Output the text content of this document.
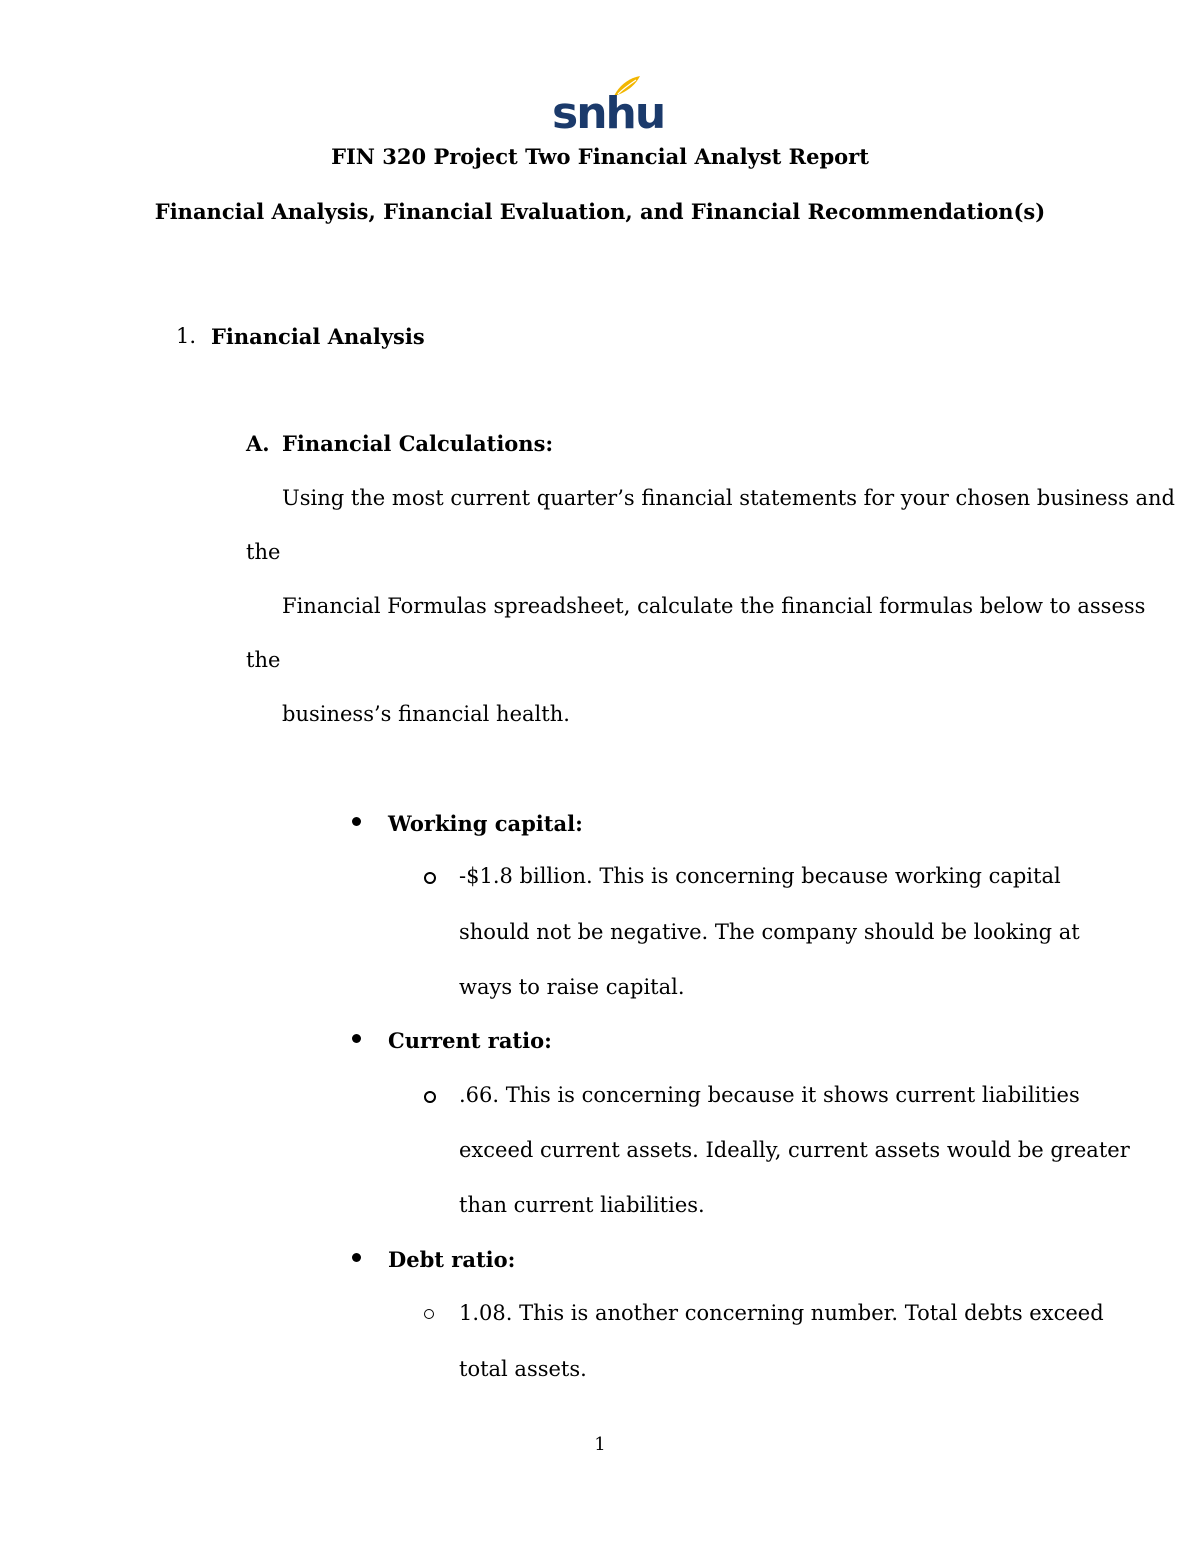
snhu
FIN 320 Project Two Financial Analyst Report
Financial Analysis, Financial Evaluation, and Financial Recommendation(s)
1. Financial Analysis
A. Financial Calculations:
Using the most current quarter’s financial statements for your chosen business and
the
Financial Formulas spreadsheet, calculate the financial formulas below to assess
the
business’s financial health.
Working capital:
-$1.8 billion. This is concerning because working capital
should not be negative. The company should be looking at
ways to raise capital.
Current ratio:
.66. This is concerning because it shows current liabilities
exceed current assets. Ideally, current assets would be greater
than current liabilities.
Debt ratio:
1.08. This is another concerning number. Total debts exceed
total assets.
1
